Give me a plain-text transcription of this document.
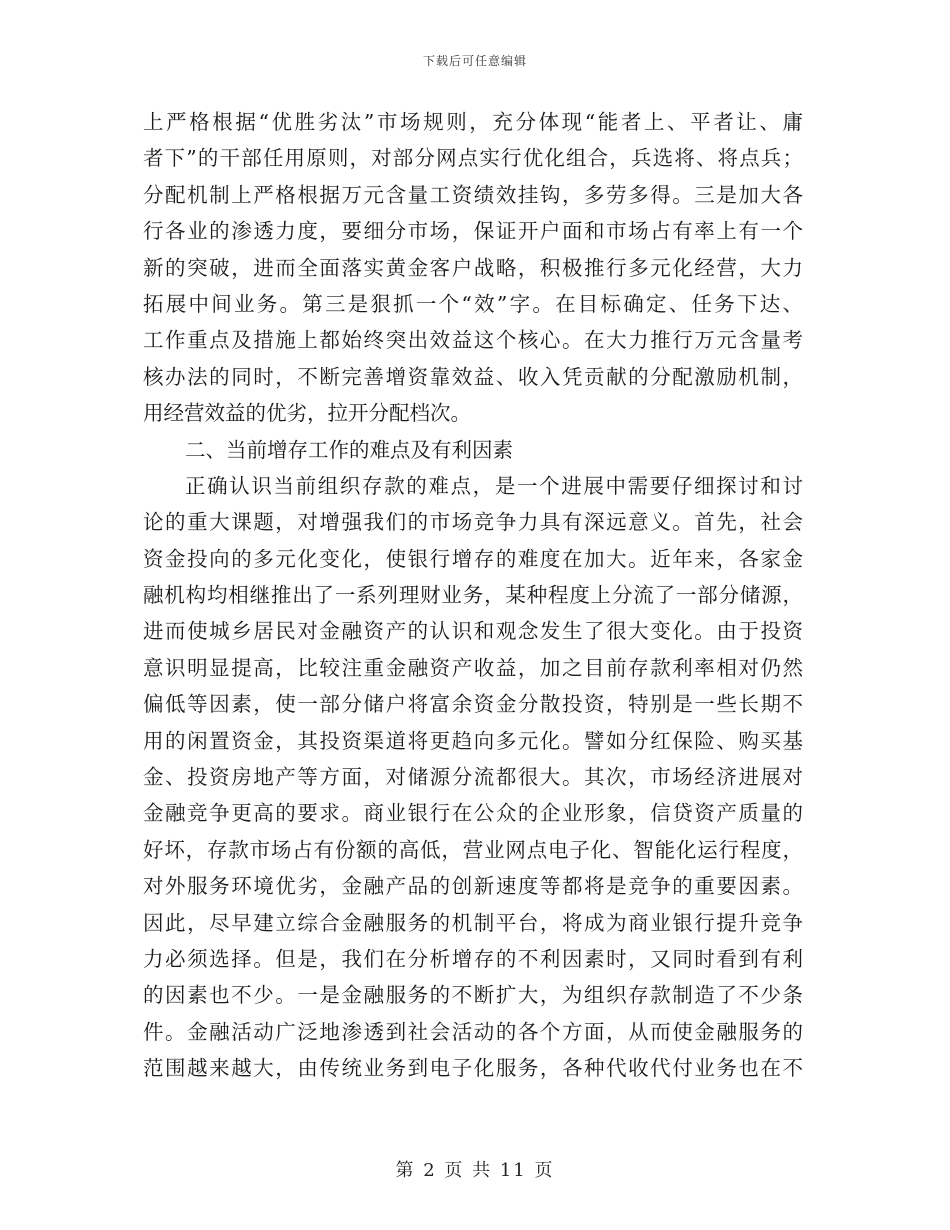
下载后可任意编辑
上严格根据“优胜劣汰”市场规则，充分体现“能者上、平者让、庸
者下”的干部任用原则，对部分网点实行优化组合，兵选将、将点兵；
分配机制上严格根据万元含量工资绩效挂钩，多劳多得。三是加大各
行各业的渗透力度，要细分市场，保证开户面和市场占有率上有一个
新的突破，进而全面落实黄金客户战略，积极推行多元化经营，大力
拓展中间业务。第三是狠抓一个“效”字。在目标确定、任务下达、
工作重点及措施上都始终突出效益这个核心。在大力推行万元含量考
核办法的同时，不断完善增资靠效益、收入凭贡献的分配激励机制，
用经营效益的优劣，拉开分配档次。
二、当前增存工作的难点及有利因素
正确认识当前组织存款的难点，是一个进展中需要仔细探讨和讨
论的重大课题，对增强我们的市场竞争力具有深远意义。首先，社会
资金投向的多元化变化，使银行增存的难度在加大。近年来，各家金
融机构均相继推出了一系列理财业务，某种程度上分流了一部分储源，
进而使城乡居民对金融资产的认识和观念发生了很大变化。由于投资
意识明显提高，比较注重金融资产收益，加之目前存款利率相对仍然
偏低等因素，使一部分储户将富余资金分散投资，特别是一些长期不
用的闲置资金，其投资渠道将更趋向多元化。譬如分红保险、购买基
金、投资房地产等方面，对储源分流都很大。其次，市场经济进展对
金融竞争更高的要求。商业银行在公众的企业形象，信贷资产质量的
好坏，存款市场占有份额的高低，营业网点电子化、智能化运行程度，
对外服务环境优劣，金融产品的创新速度等都将是竞争的重要因素。
因此，尽早建立综合金融服务的机制平台，将成为商业银行提升竞争
力必须选择。但是，我们在分析增存的不利因素时，又同时看到有利
的因素也不少。一是金融服务的不断扩大，为组织存款制造了不少条
件。金融活动广泛地渗透到社会活动的各个方面，从而使金融服务的
范围越来越大，由传统业务到电子化服务，各种代收代付业务也在不
第 2 页 共 11 页
